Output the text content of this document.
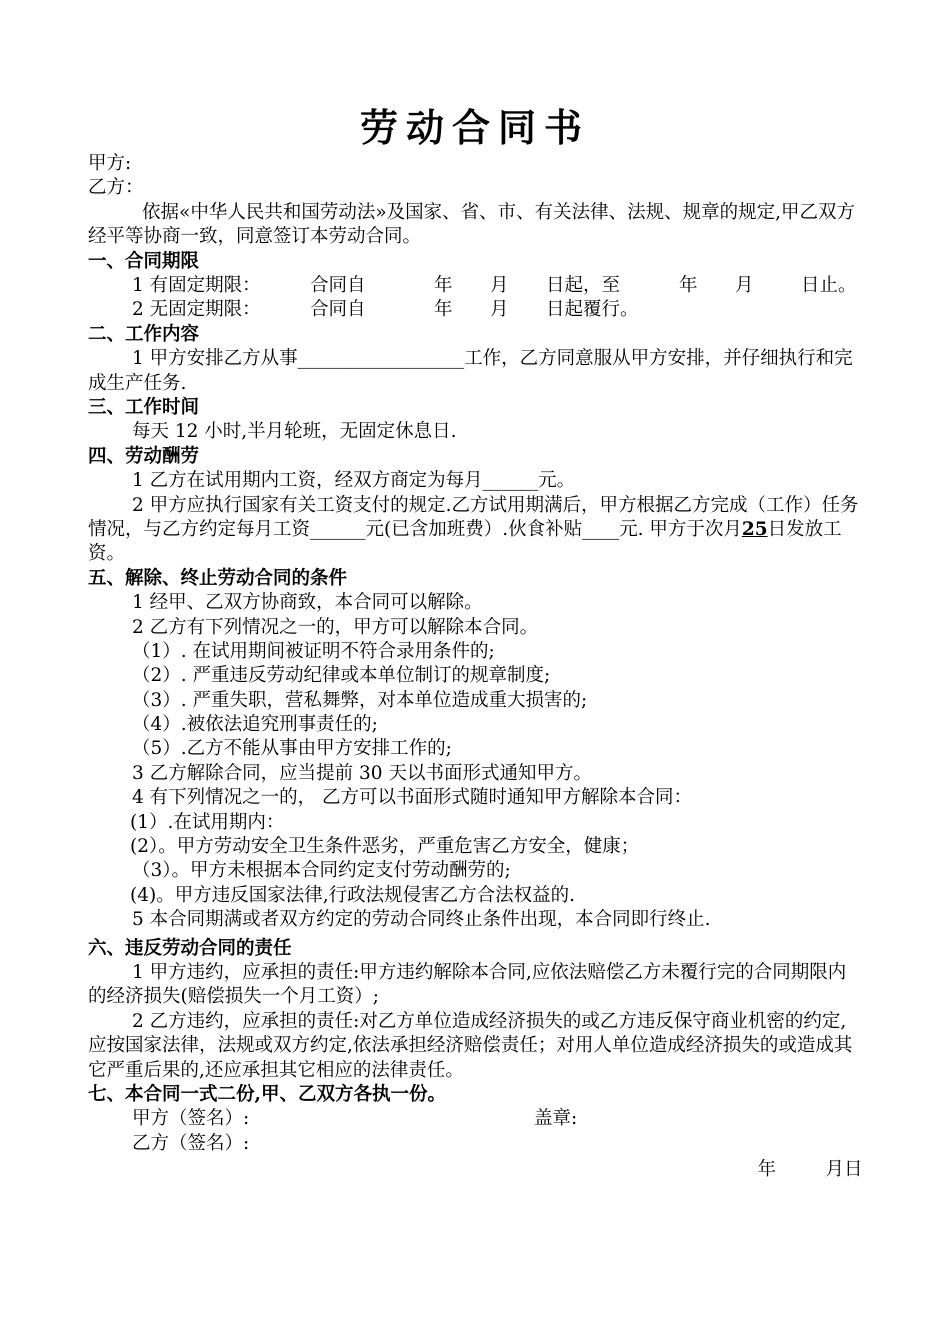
劳动合同书

甲方:

乙方：

依据«中华人民共和国劳动法»及国家、省、市、有关法律、法规、规章的规定,甲乙双方经平等协商一致，同意签订本劳动合同。

一、合同期限

1 有固定期限：	合同自	年 月 日起，至	年 月	日止。

2 无固定期限：	合同自	年 月 日起覆行。

二、工作内容

1 甲方安排乙方从事__________________工作，乙方同意服从甲方安排，并仔细执行和完成生产任务.

三、工作时间

每天 12 小时,半月轮班，无固定休息日.

四、劳动酬劳

1 乙方在试用期内工资，经双方商定为每月______元。

2 甲方应执行国家有关工资支付的规定.乙方试用期满后，甲方根据乙方完成（工作）任务情况，与乙方约定每月工资______元(已含加班费）.伙食补贴____元. 甲方于次月25日发放工资。

五、解除、终止劳动合同的条件

1 经甲、乙双方协商致，本合同可以解除。

2 乙方有下列情况之一的，甲方可以解除本合同。

（1）. 在试用期间被证明不符合录用条件的;

（2）. 严重违反劳动纪律或本单位制订的规章制度;

（3）. 严重失职，营私舞弊，对本单位造成重大损害的;

（4）.被依法追究刑事责任的;

（5）.乙方不能从事由甲方安排工作的;

3 乙方解除合同，应当提前 30 天以书面形式通知甲方。

4 有下列情况之一的， 乙方可以书面形式随时通知甲方解除本合同：

(1）.在试用期内：

(2）。甲方劳动安全卫生条件恶劣，严重危害乙方安全，健康；

（3）。甲方未根据本合同约定支付劳动酬劳的;

(4)。甲方违反国家法律,行政法规侵害乙方合法权益的.

5 本合同期满或者双方约定的劳动合同终止条件出现，本合同即行终止.

六、违反劳动合同的责任

1 甲方违约，应承担的责任:甲方违约解除本合同,应依法赔偿乙方未覆行完的合同期限内的经济损失(赔偿损失一个月工资）;

2 乙方违约，应承担的责任:对乙方单位造成经济损失的或乙方违反保守商业机密的约定,应按国家法律，法规或双方约定,依法承担经济赔偿责任；对用人单位造成经济损失的或造成其它严重后果的,还应承担其它相应的法律责任。

七、本合同一式二份,甲、乙双方各执一份。

甲方（签名）:	盖章:

乙方（签名）:

年	月日
